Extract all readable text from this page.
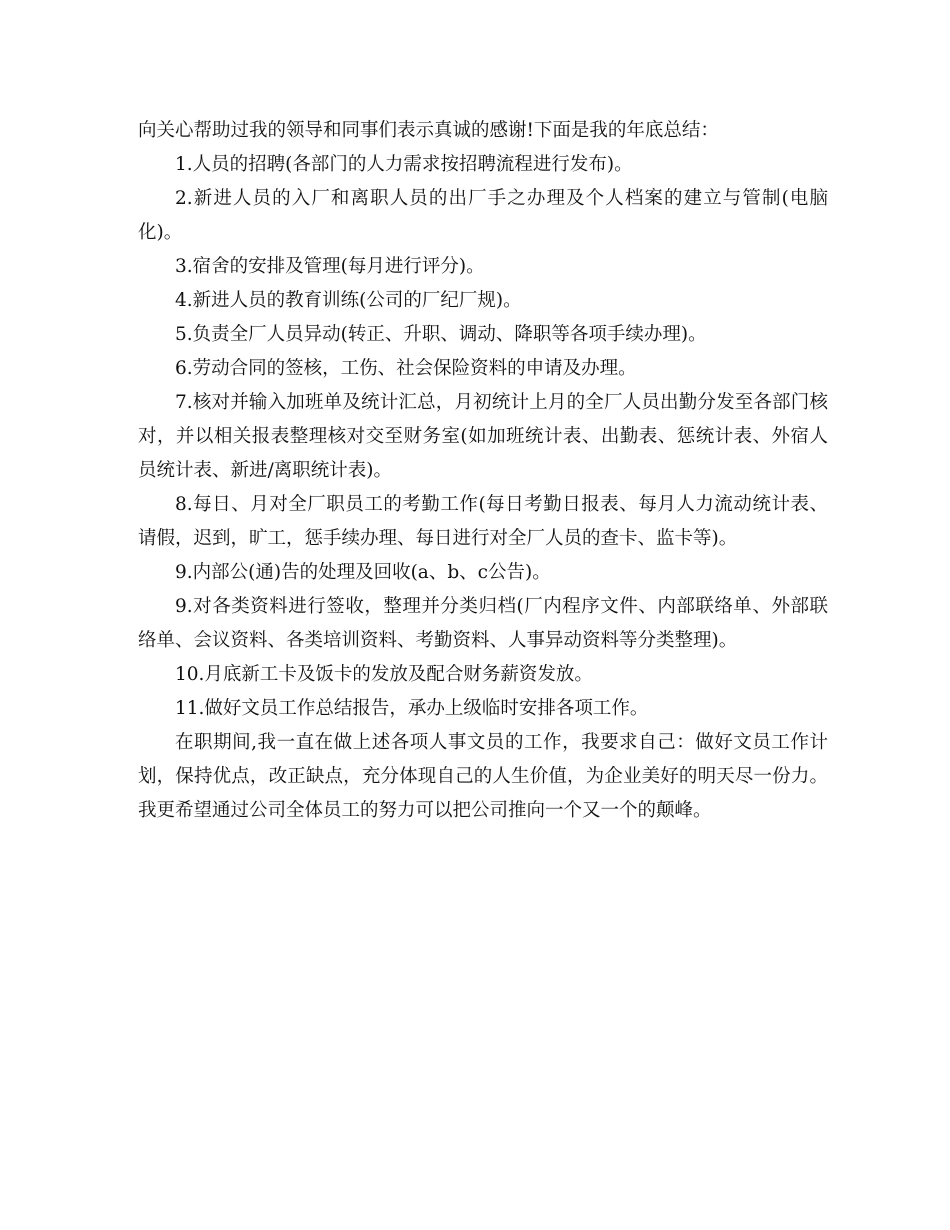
向关心帮助过我的领导和同事们表示真诚的感谢!下面是我的年底总结：

1.人员的招聘(各部门的人力需求按招聘流程进行发布)。

2.新进人员的入厂和离职人员的出厂手之办理及个人档案的建立与管制(电脑化)。

3.宿舍的安排及管理(每月进行评分)。

4.新进人员的教育训练(公司的厂纪厂规)。

5.负责全厂人员异动(转正、升职、调动、降职等各项手续办理)。

6.劳动合同的签核，工伤、社会保险资料的申请及办理。

7.核对并输入加班单及统计汇总，月初统计上月的全厂人员出勤分发至各部门核对，并以相关报表整理核对交至财务室(如加班统计表、出勤表、惩统计表、外宿人员统计表、新进/离职统计表)。

8.每日、月对全厂职员工的考勤工作(每日考勤日报表、每月人力流动统计表、请假，迟到，旷工，惩手续办理、每日进行对全厂人员的查卡、监卡等)。

9.内部公(通)告的处理及回收(a、b、c公告)。

9.对各类资料进行签收，整理并分类归档(厂内程序文件、内部联络单、外部联络单、会议资料、各类培训资料、考勤资料、人事异动资料等分类整理)。

10.月底新工卡及饭卡的发放及配合财务薪资发放。

11.做好文员工作总结报告，承办上级临时安排各项工作。

在职期间,我一直在做上述各项人事文员的工作，我要求自己：做好文员工作计划，保持优点，改正缺点，充分体现自己的人生价值，为企业美好的明天尽一份力。我更希望通过公司全体员工的努力可以把公司推向一个又一个的颠峰。
